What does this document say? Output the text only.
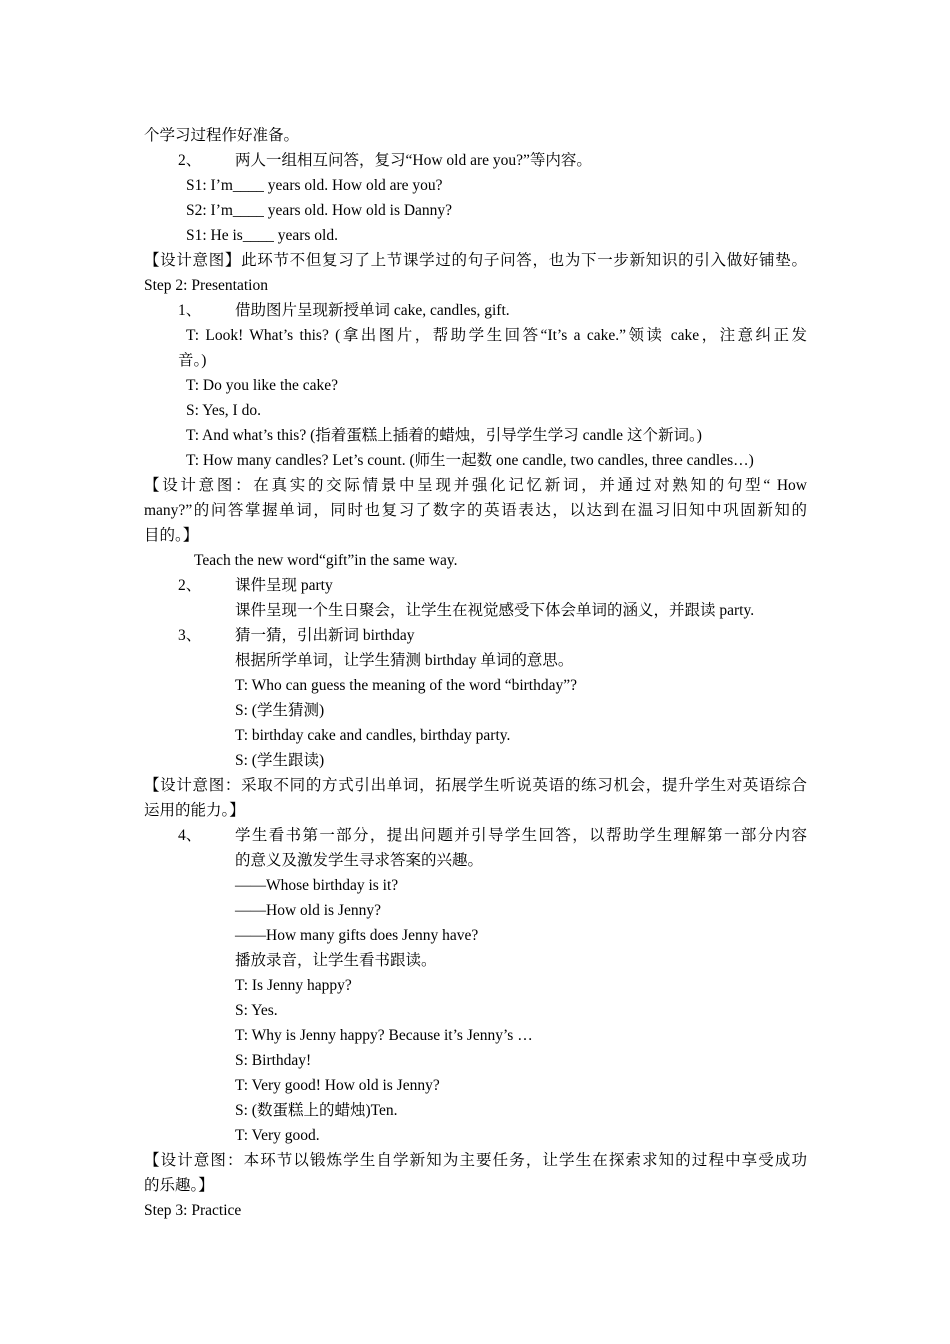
个学习过程作好准备。
2、 两人一组相互问答，复习“How old are you?”等内容。
S1: I’m____ years old. How old are you?
S2: I’m____ years old. How old is Danny?
S1: He is____ years old.
【设计意图】此环节不但复习了上节课学过的句子问答，也为下一步新知识的引入做好铺垫。
Step 2: Presentation
1、 借助图片呈现新授单词 cake, candles, gift.
T: Look! What’s this? (拿出图片，帮助学生回答“It’s a cake.”领读 cake，注意纠正发
音。)
T: Do you like the cake?
S: Yes, I do.
T: And what’s this? (指着蛋糕上插着的蜡烛，引导学生学习 candle 这个新词。)
T: How many candles? Let’s count. (师生一起数 one candle, two candles, three candles…)
【设计意图：在真实的交际情景中呈现并强化记忆新词，并通过对熟知的句型“ How
many?”的问答掌握单词，同时也复习了数字的英语表达，以达到在温习旧知中巩固新知的
目的。】
Teach the new word“gift”in the same way.
2、 课件呈现 party
课件呈现一个生日聚会，让学生在视觉感受下体会单词的涵义，并跟读 party.
3、 猜一猜，引出新词 birthday
根据所学单词，让学生猜测 birthday 单词的意思。
T: Who can guess the meaning of the word “birthday”?
S: (学生猜测)
T: birthday cake and candles, birthday party.
S: (学生跟读)
【设计意图：采取不同的方式引出单词，拓展学生听说英语的练习机会，提升学生对英语综合
运用的能力。】
4、 学生看书第一部分，提出问题并引导学生回答，以帮助学生理解第一部分内容
的意义及激发学生寻求答案的兴趣。
——Whose birthday is it?
——How old is Jenny?
——How many gifts does Jenny have?
播放录音，让学生看书跟读。
T: Is Jenny happy?
S: Yes.
T: Why is Jenny happy? Because it’s Jenny’s …
S: Birthday!
T: Very good! How old is Jenny?
S: (数蛋糕上的蜡烛)Ten.
T: Very good.
【设计意图：本环节以锻炼学生自学新知为主要任务，让学生在探索求知的过程中享受成功
的乐趣。】
Step 3: Practice
